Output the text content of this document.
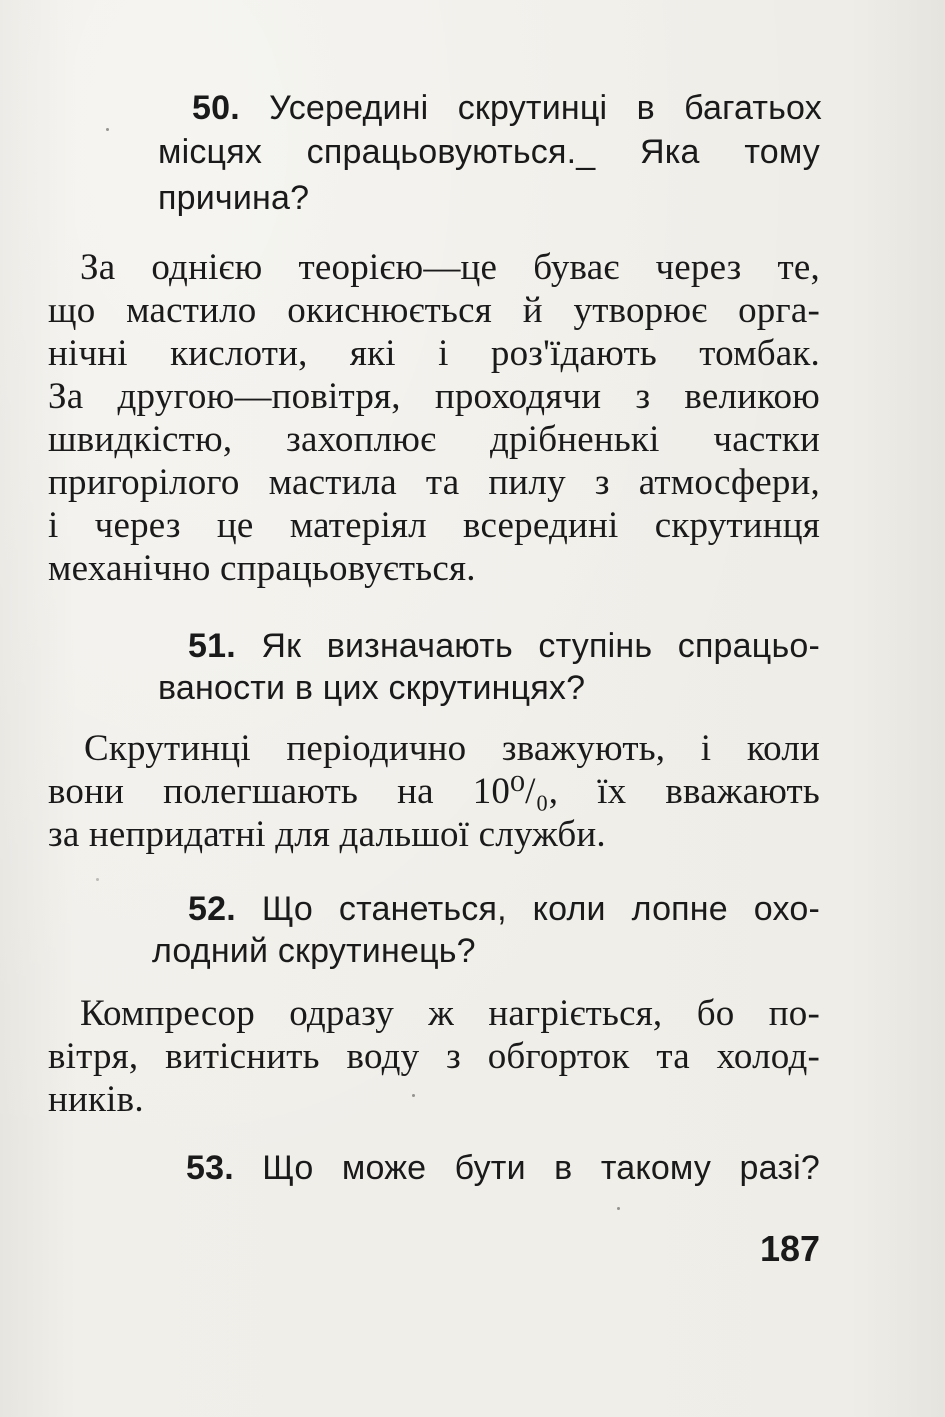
50. Усередині скрутинці в багатьох
місцях спрацьовуються._ Яка тому
причина?
За однією теорією—це буває через те,
що мастило окиснюється й утворює орга-
нічні кислоти, які і роз'їдають томбак.
За другою—повітря, проходячи з великою
швидкістю, захоплює дрібненькі частки
пригорілого мастила та пилу з атмосфери,
і через це матеріял всередині скрутинця
механічно спрацьовується.
51. Як визначають ступінь спрацьо-
ваности в цих скрутинцях?
Скрутинці періодично зважують, і коли
вони полегшають на 10⁰/₀, їх вважають
за непридатні для дальшої служби.
52. Що станеться, коли лопне охо-
лодний скрутинець?
Компресор одразу ж нагріється, бо по-
вітря, витіснить воду з обгорток та холод-
ників.
53. Що може бути в такому разі?
187
